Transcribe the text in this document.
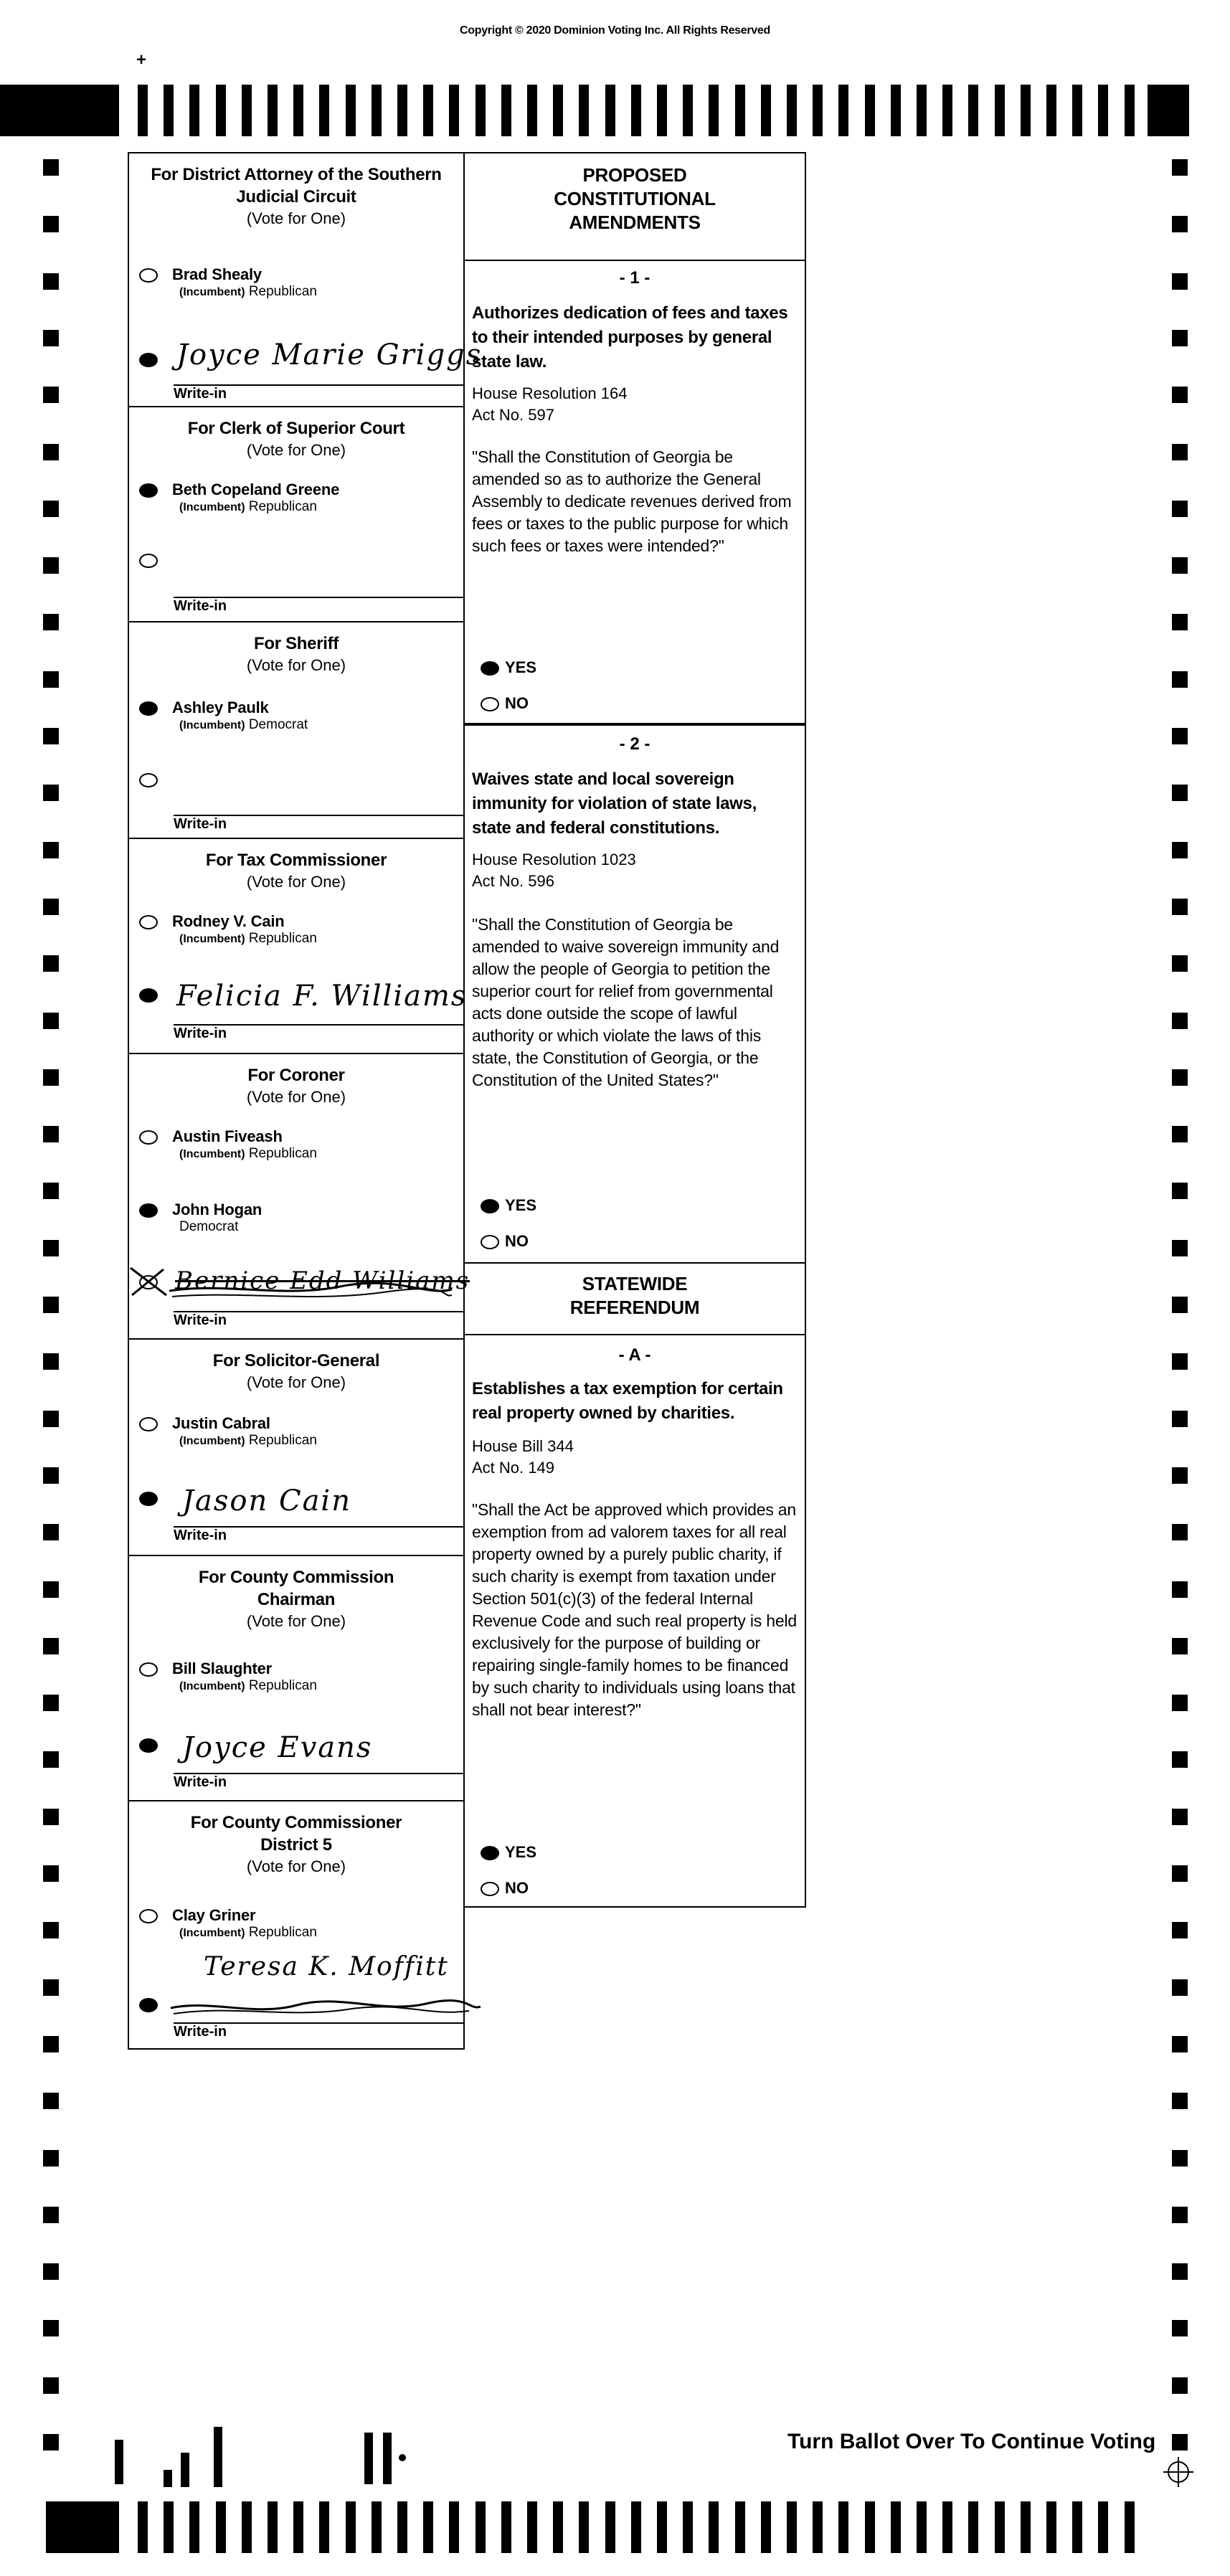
Copyright © 2020 Dominion Voting Inc. All Rights Reserved
+
For District Attorney of the Southern Judicial Circuit
(Vote for One)
Brad Shealy
(Incumbent) Republican
Joyce Marie Griggs
Write-in
For Clerk of Superior Court
(Vote for One)
Beth Copeland Greene
(Incumbent) Republican
Write-in
For Sheriff
(Vote for One)
Ashley Paulk
(Incumbent) Democrat
Write-in
For Tax Commissioner
(Vote for One)
Rodney V. Cain
(Incumbent) Republican
Felicia F. Williams
Write-in
For Coroner
(Vote for One)
Austin Fiveash
(Incumbent) Republican
John Hogan
Democrat
Bernice Edd Williams
Write-in
For Solicitor-General
(Vote for One)
Justin Cabral
(Incumbent) Republican
Jason Cain
Write-in
For County Commission Chairman
(Vote for One)
Bill Slaughter
(Incumbent) Republican
Joyce Evans
Write-in
For County Commissioner District 5
(Vote for One)
Clay Griner
(Incumbent) Republican
Teresa K. Moffitt
Write-in
PROPOSED CONSTITUTIONAL AMENDMENTS
- 1 -
Authorizes dedication of fees and taxes to their intended purposes by general state law.
House Resolution 164
Act No. 597
"Shall the Constitution of Georgia be amended so as to authorize the General Assembly to dedicate revenues derived from fees or taxes to the public purpose for which such fees or taxes were intended?"
YES
NO
- 2 -
Waives state and local sovereign immunity for violation of state laws, state and federal constitutions.
House Resolution 1023
Act No. 596
"Shall the Constitution of Georgia be amended to waive sovereign immunity and allow the people of Georgia to petition the superior court for relief from governmental acts done outside the scope of lawful authority or which violate the laws of this state, the Constitution of Georgia, or the Constitution of the United States?"
YES
NO
STATEWIDE REFERENDUM
- A -
Establishes a tax exemption for certain real property owned by charities.
House Bill 344
Act No. 149
"Shall the Act be approved which provides an exemption from ad valorem taxes for all real property owned by a purely public charity, if such charity is exempt from taxation under Section 501(c)(3) of the federal Internal Revenue Code and such real property is held exclusively for the purpose of building or repairing single-family homes to be financed by such charity to individuals using loans that shall not bear interest?"
YES
NO
Turn Ballot Over To Continue Voting
